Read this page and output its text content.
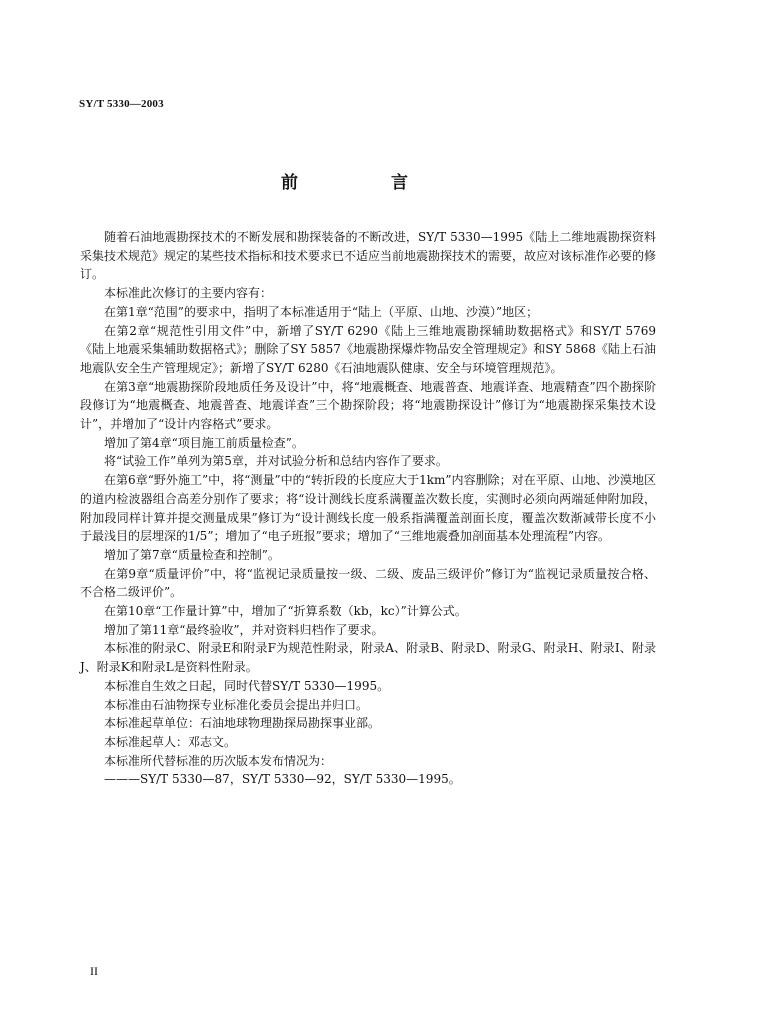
SY/T 5330—2003
前　言

随着石油地震勘探技术的不断发展和勘探装备的不断改进，SY/T 5330—1995《陆上二维地震勘探资料采集技术规范》规定的某些技术指标和技术要求已不适应当前地震勘探技术的需要，故应对该标准作必要的修订。

本标准此次修订的主要内容有：

在第1章“范围”的要求中，指明了本标准适用于“陆上（平原、山地、沙漠）”地区；

在第2章“规范性引用文件”中，新增了SY/T 6290《陆上三维地震勘探辅助数据格式》和SY/T 5769《陆上地震采集辅助数据格式》；删除了SY 5857《地震勘探爆炸物品安全管理规定》和SY 5868《陆上石油地震队安全生产管理规定》；新增了SY/T 6280《石油地震队健康、安全与环境管理规范》。

在第3章“地震勘探阶段地质任务及设计”中，将“地震概查、地震普查、地震详查、地震精查”四个勘探阶段修订为“地震概查、地震普查、地震详查”三个勘探阶段；将“地震勘探设计”修订为“地震勘探采集技术设计”，并增加了“设计内容格式”要求。

增加了第4章“项目施工前质量检查”。

将“试验工作”单列为第5章，并对试验分析和总结内容作了要求。

在第6章“野外施工”中，将“测量”中的“转折段的长度应大于1km”内容删除；对在平原、山地、沙漠地区的道内检波器组合高差分别作了要求；将“设计测线长度系满覆盖次数长度，实测时必须向两端延伸附加段，附加段同样计算并提交测量成果”修订为“设计测线长度一般系指满覆盖剖面长度，覆盖次数渐减带长度不小于最浅目的层埋深的1/5”；增加了“电子班报”要求；增加了“三维地震叠加剖面基本处理流程”内容。

增加了第7章“质量检查和控制”。

在第9章“质量评价”中，将“监视记录质量按一级、二级、废品三级评价”修订为“监视记录质量按合格、不合格二级评价”。

在第10章“工作量计算”中，增加了“折算系数（kb，kc）”计算公式。

增加了第11章“最终验收”，并对资料归档作了要求。

本标准的附录C、附录E和附录F为规范性附录，附录A、附录B、附录D、附录G、附录H、附录I、附录J、附录K和附录L是资料性附录。

本标准自生效之日起，同时代替SY/T 5330—1995。

本标准由石油物探专业标准化委员会提出并归口。

本标准起草单位：石油地球物理勘探局勘探事业部。

本标准起草人：邓志文。

本标准所代替标准的历次版本发布情况为：

———SY/T 5330—87，SY/T 5330—92，SY/T 5330—1995。

II
